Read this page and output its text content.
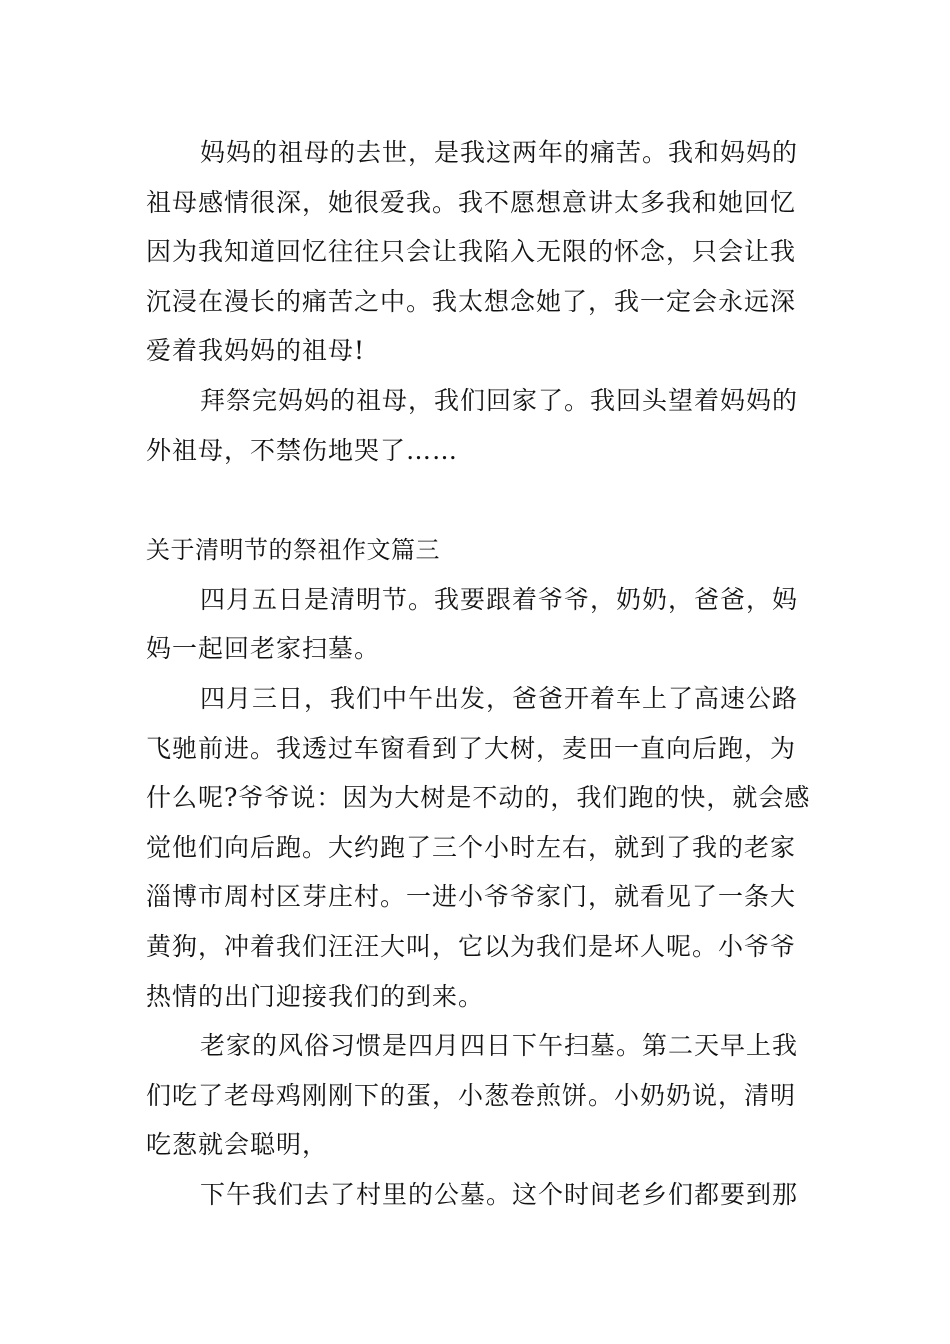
妈妈的祖母的去世，是我这两年的痛苦。我和妈妈的
祖母感情很深，她很爱我。我不愿想意讲太多我和她回忆
因为我知道回忆往往只会让我陷入无限的怀念，只会让我
沉浸在漫长的痛苦之中。我太想念她了，我一定会永远深
爱着我妈妈的祖母!
拜祭完妈妈的祖母，我们回家了。我回头望着妈妈的
外祖母，不禁伤地哭了……
关于清明节的祭祖作文篇三
四月五日是清明节。我要跟着爷爷，奶奶，爸爸，妈
妈一起回老家扫墓。
四月三日，我们中午出发，爸爸开着车上了高速公路
飞驰前进。我透过车窗看到了大树，麦田一直向后跑，为
什么呢?爷爷说：因为大树是不动的，我们跑的快，就会感
觉他们向后跑。大约跑了三个小时左右，就到了我的老家
淄博市周村区芽庄村。一进小爷爷家门，就看见了一条大
黄狗，冲着我们汪汪大叫，它以为我们是坏人呢。小爷爷
热情的出门迎接我们的到来。
老家的风俗习惯是四月四日下午扫墓。第二天早上我
们吃了老母鸡刚刚下的蛋，小葱卷煎饼。小奶奶说，清明
吃葱就会聪明，
下午我们去了村里的公墓。这个时间老乡们都要到那
